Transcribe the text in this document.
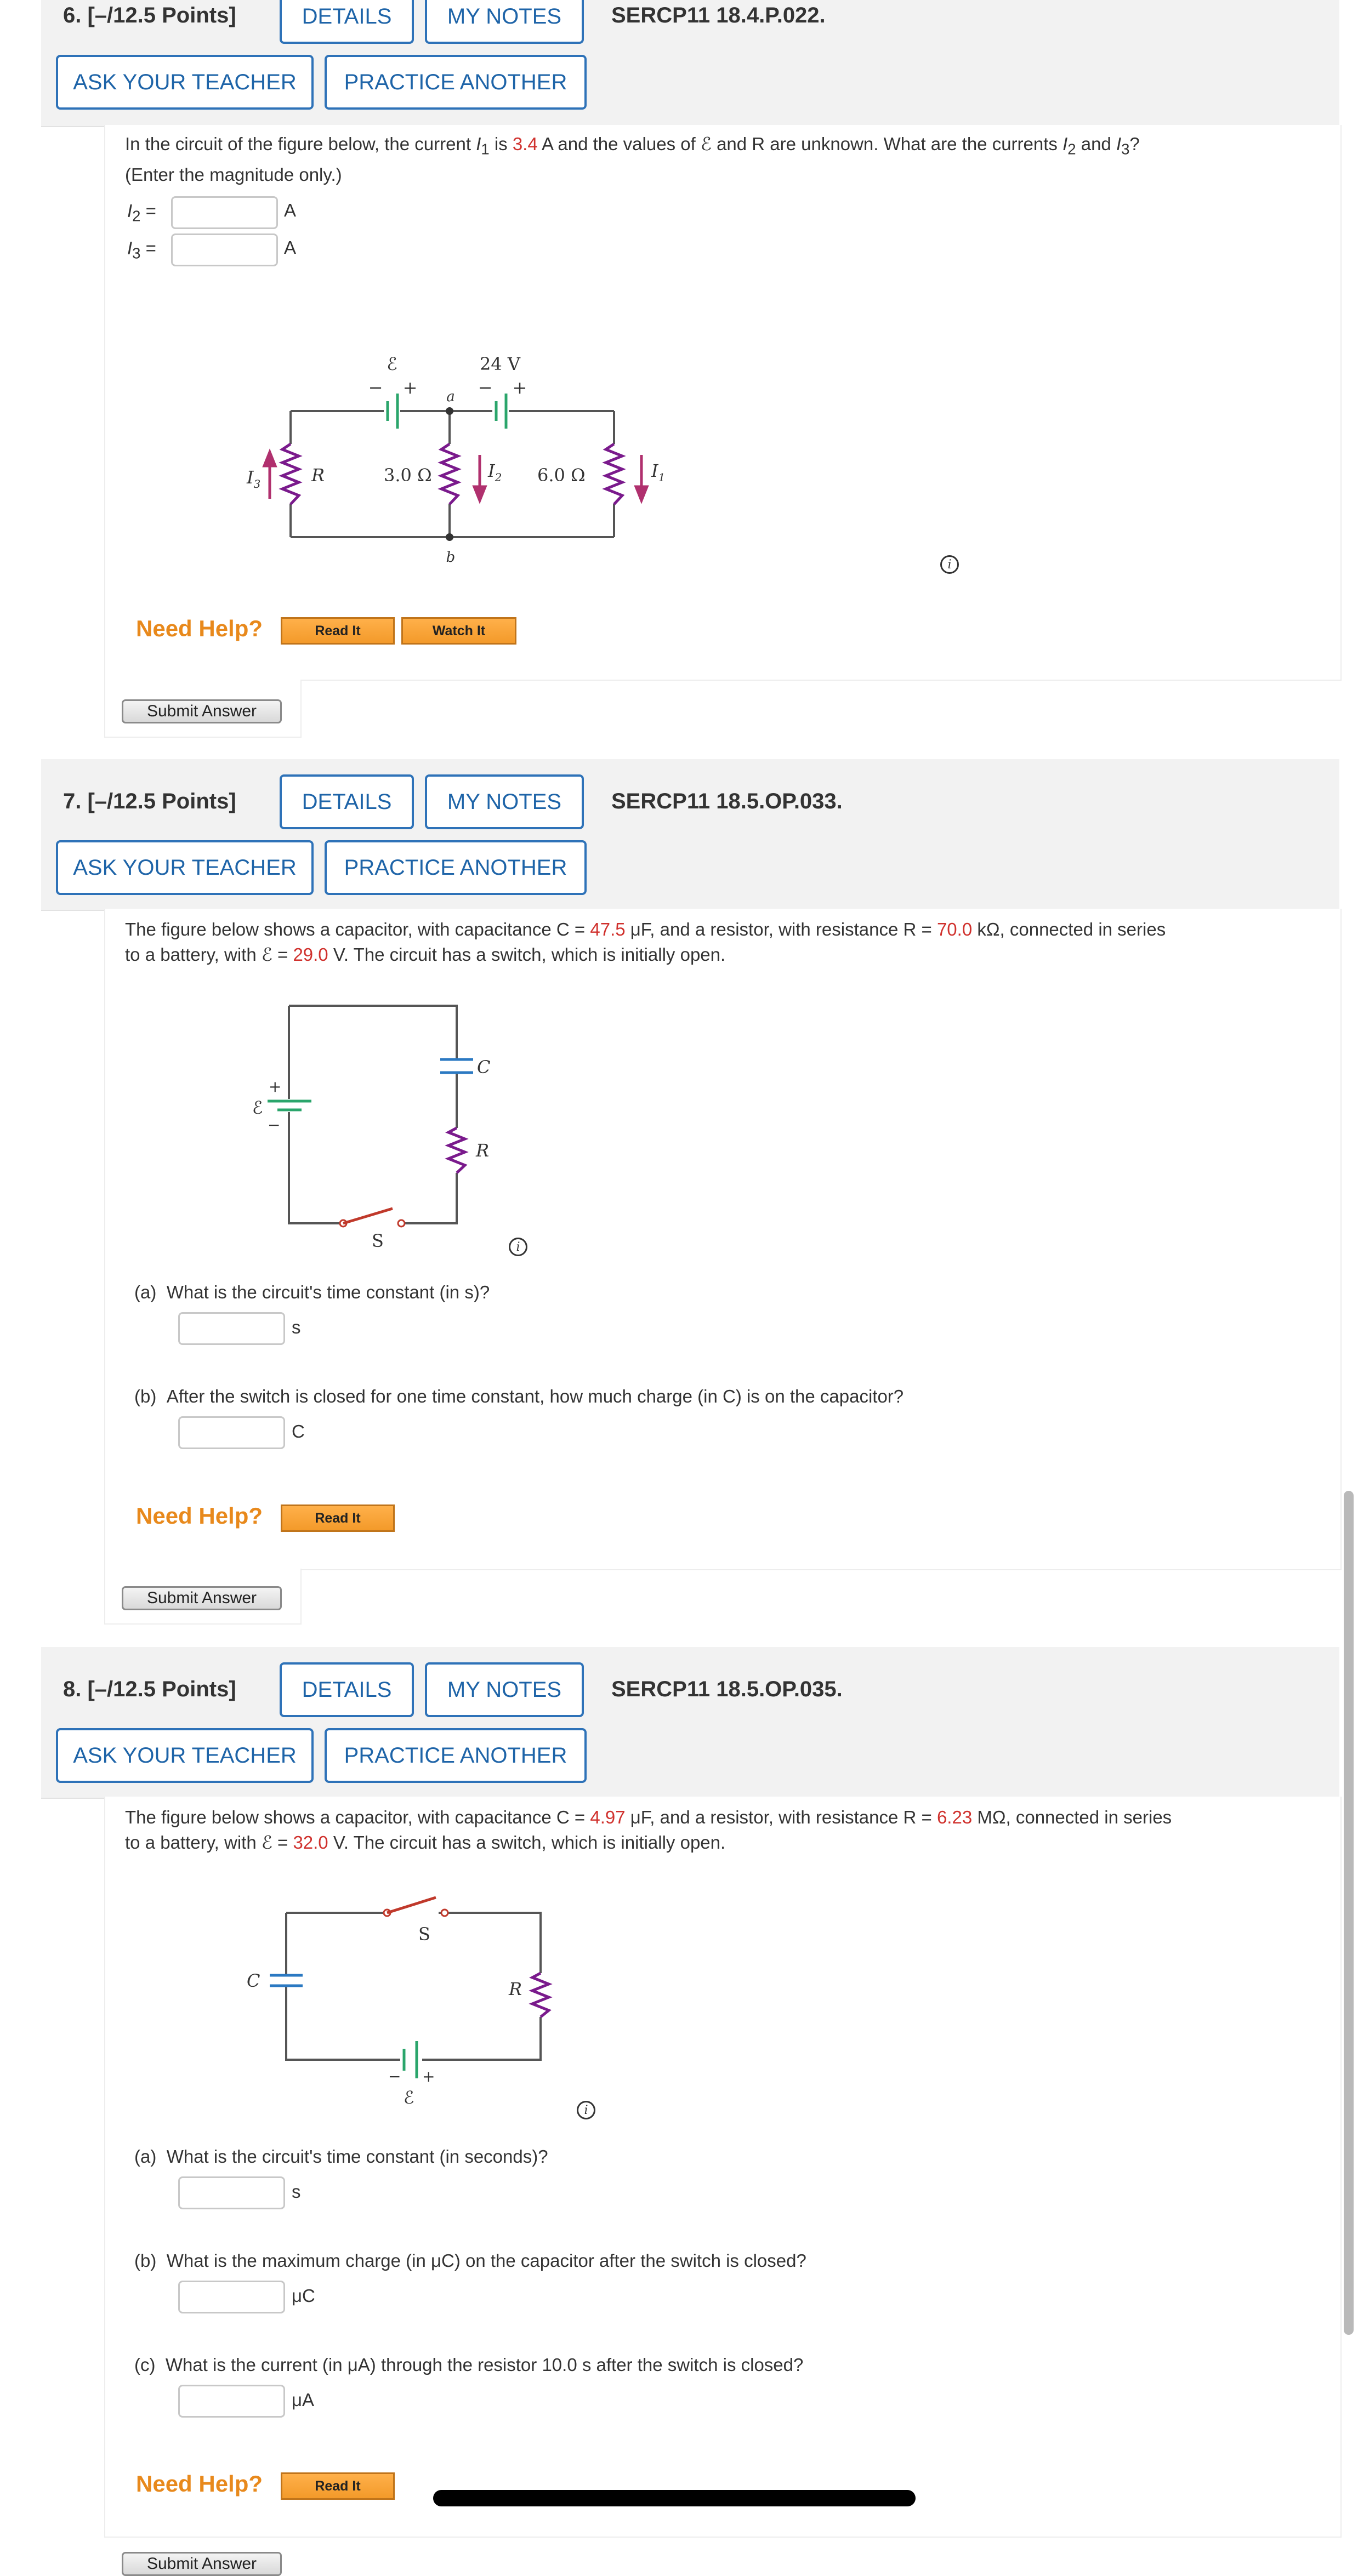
6. [–/12.5 Points]	DETAILS	MY NOTES	SERCP11 18.4.P.022.
ASK YOUR TEACHER	PRACTICE ANOTHER
In the circuit of the figure below, the current $I_1$ is 3.4 A and the values of ℰ and R are unknown. What are the currents $I_2$ and $I_3$?
(Enter the magnitude only.)
$I_2$ =	A
$I_3$ =	A
ℰ	24 V
− +	− +
a
b
R	3.0 Ω	6.0 Ω
$I_3$
$I_2$	$I_1$
i
Need Help?	Read It	Watch It
Submit Answer
7. [–/12.5 Points]	DETAILS	MY NOTES	SERCP11 18.5.OP.033.
ASK YOUR TEACHER	PRACTICE ANOTHER
The figure below shows a capacitor, with capacitance C = 47.5 μF, and a resistor, with resistance R = 70.0 kΩ, connected in series
to a battery, with ℰ = 29.0 V. The circuit has a switch, which is initially open.
+
ℰ
−
C
R
S	i
(a) What is the circuit's time constant (in s)?
s
(b) After the switch is closed for one time constant, how much charge (in C) is on the capacitor?
C
Need Help?	Read It
Submit Answer
8. [–/12.5 Points]	DETAILS	MY NOTES	SERCP11 18.5.OP.035.
ASK YOUR TEACHER	PRACTICE ANOTHER
The figure below shows a capacitor, with capacitance C = 4.97 μF, and a resistor, with resistance R = 6.23 MΩ, connected in series
to a battery, with ℰ = 32.0 V. The circuit has a switch, which is initially open.
S
C	R
− +
ℰ
i
(a) What is the circuit's time constant (in seconds)?
s
(b) What is the maximum charge (in μC) on the capacitor after the switch is closed?
μC
(c) What is the current (in μA) through the resistor 10.0 s after the switch is closed?
μA
Need Help?	Read It
Submit Answer
